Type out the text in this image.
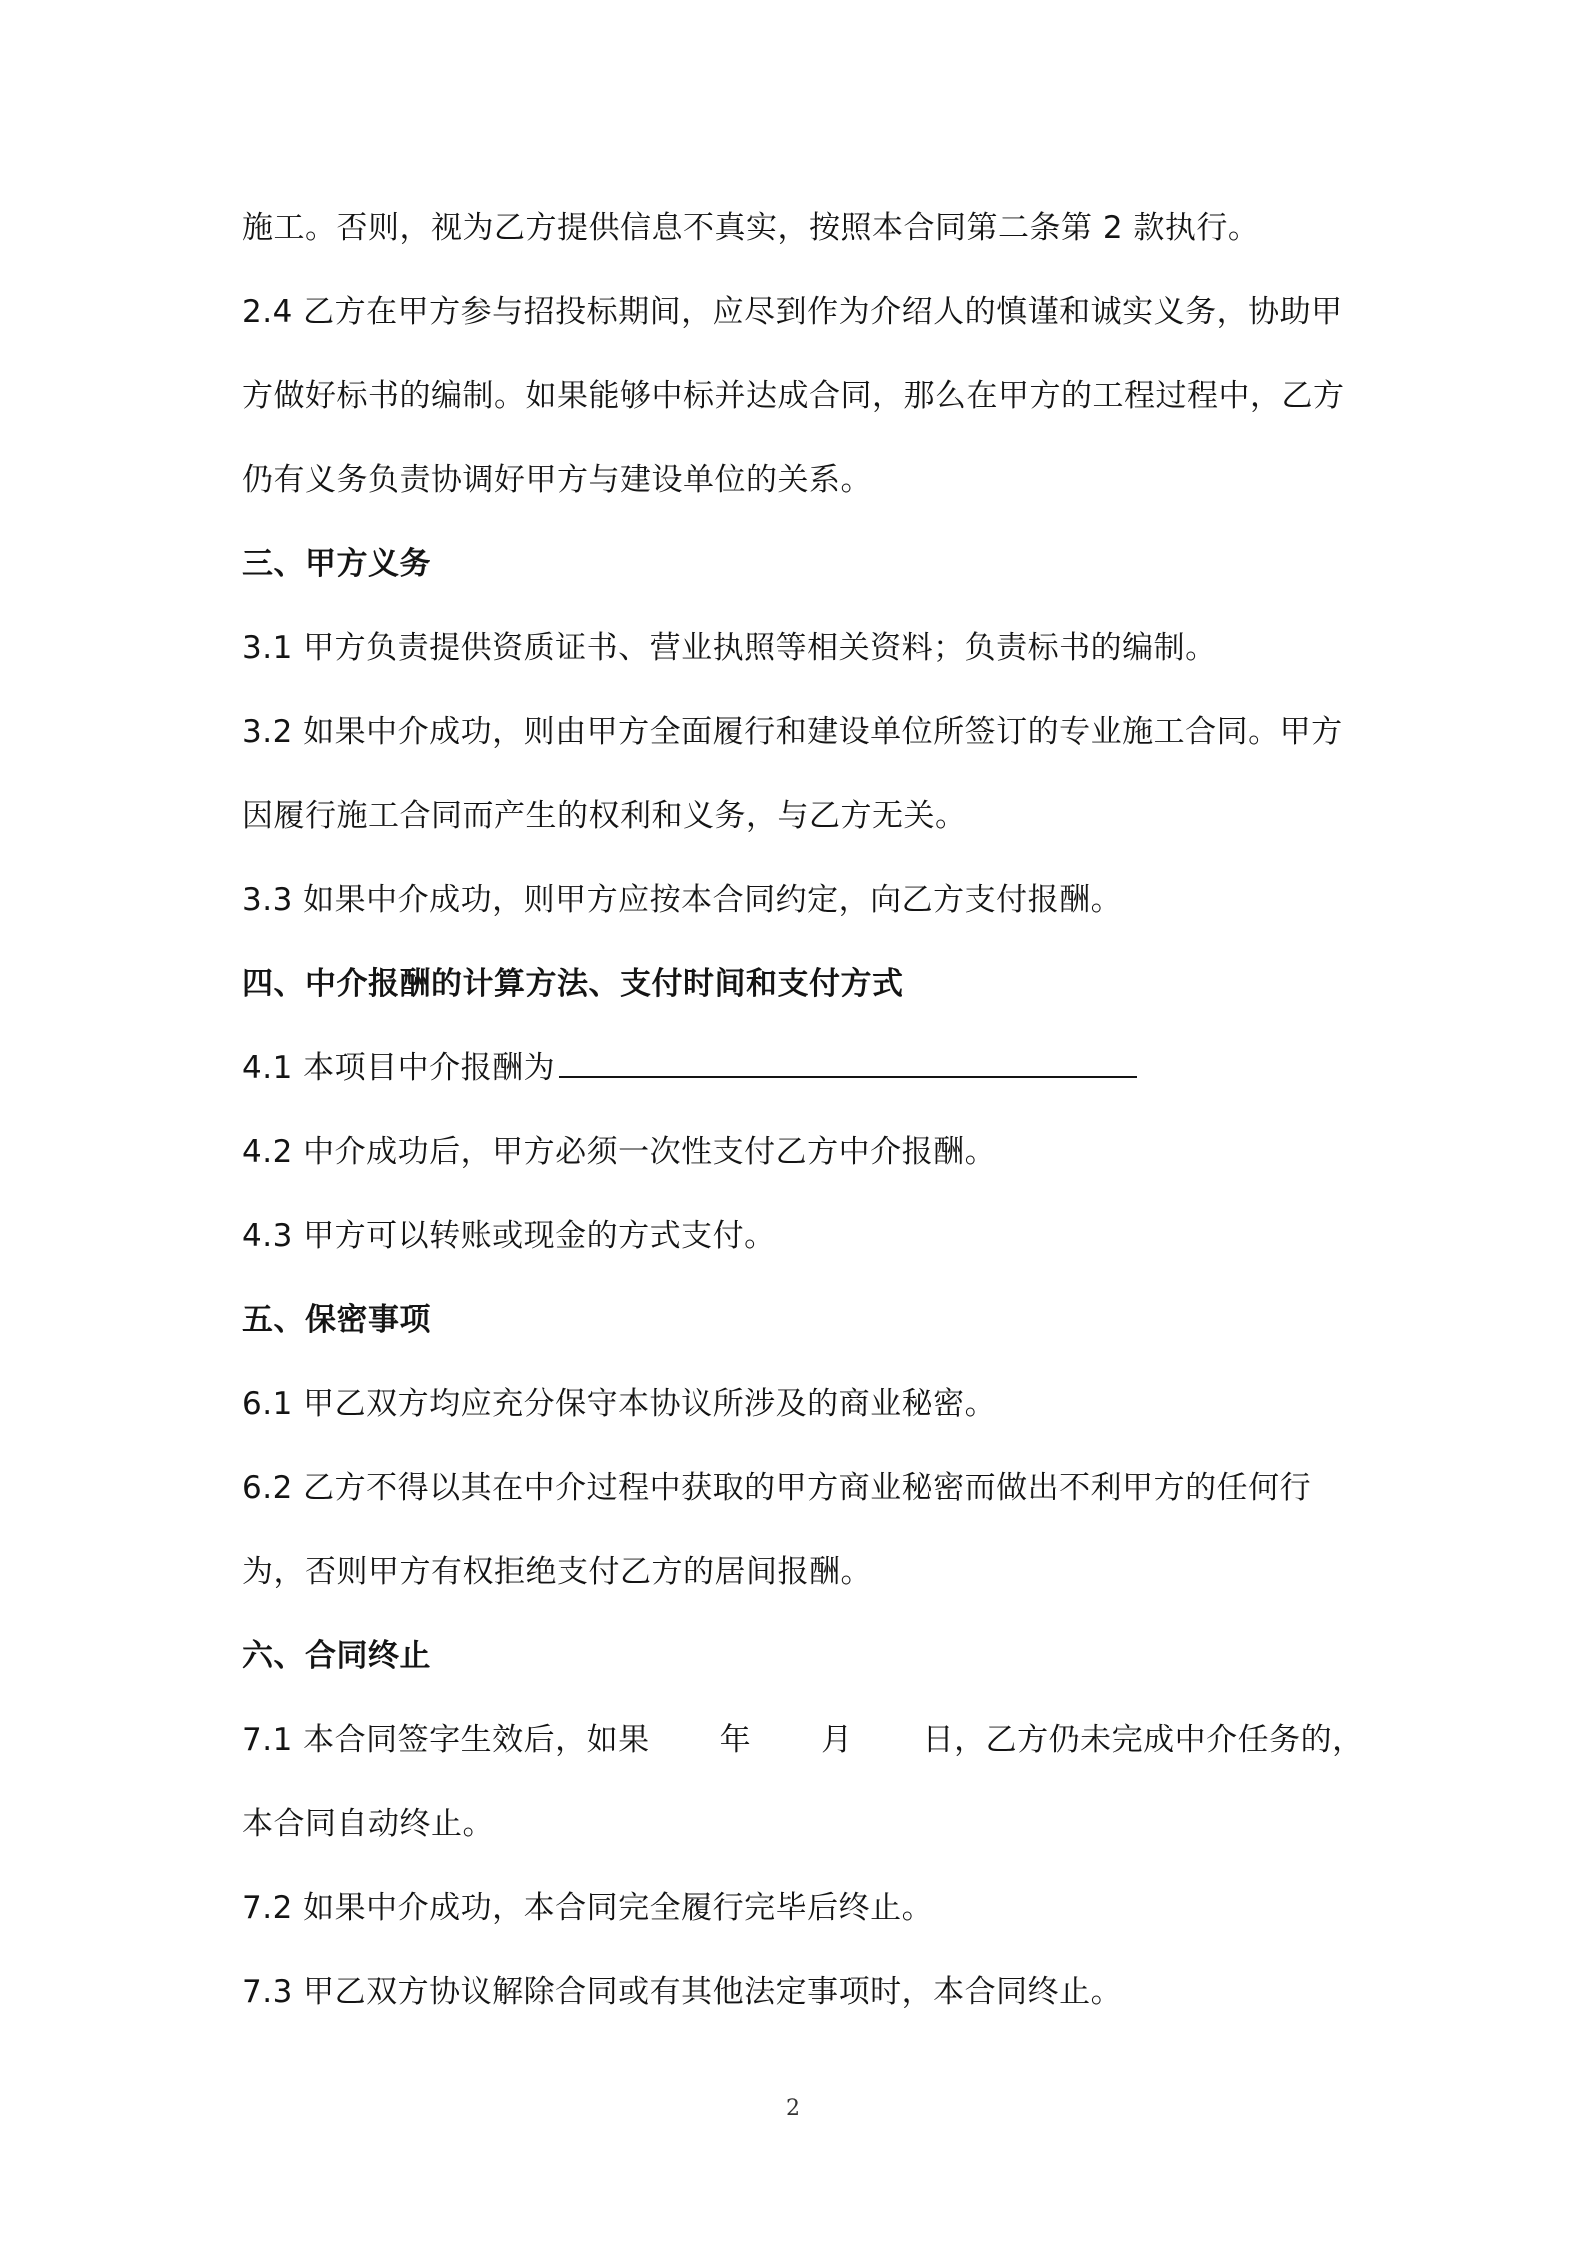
施工。否则，视为乙方提供信息不真实，按照本合同第二条第 2 款执行。
2.4 乙方在甲方参与招投标期间，应尽到作为介绍人的慎谨和诚实义务，协助甲
方做好标书的编制。如果能够中标并达成合同，那么在甲方的工程过程中，乙方
仍有义务负责协调好甲方与建设单位的关系。
三、甲方义务
3.1 甲方负责提供资质证书、营业执照等相关资料；负责标书的编制。
3.2 如果中介成功，则由甲方全面履行和建设单位所签订的专业施工合同。甲方
因履行施工合同而产生的权利和义务，与乙方无关。
3.3 如果中介成功，则甲方应按本合同约定，向乙方支付报酬。
四、中介报酬的计算方法、支付时间和支付方式
4.1 本项目中介报酬为
4.2 中介成功后，甲方必须一次性支付乙方中介报酬。
4.3 甲方可以转账或现金的方式支付。
五、保密事项
6.1 甲乙双方均应充分保守本协议所涉及的商业秘密。
6.2 乙方不得以其在中介过程中获取的甲方商业秘密而做出不利甲方的任何行
为，否则甲方有权拒绝支付乙方的居间报酬。
六、合同终止
7.1 本合同签字生效后，如果 年 月 日，乙方仍未完成中介任务的，
本合同自动终止。
7.2 如果中介成功，本合同完全履行完毕后终止。
7.3 甲乙双方协议解除合同或有其他法定事项时，本合同终止。
2
